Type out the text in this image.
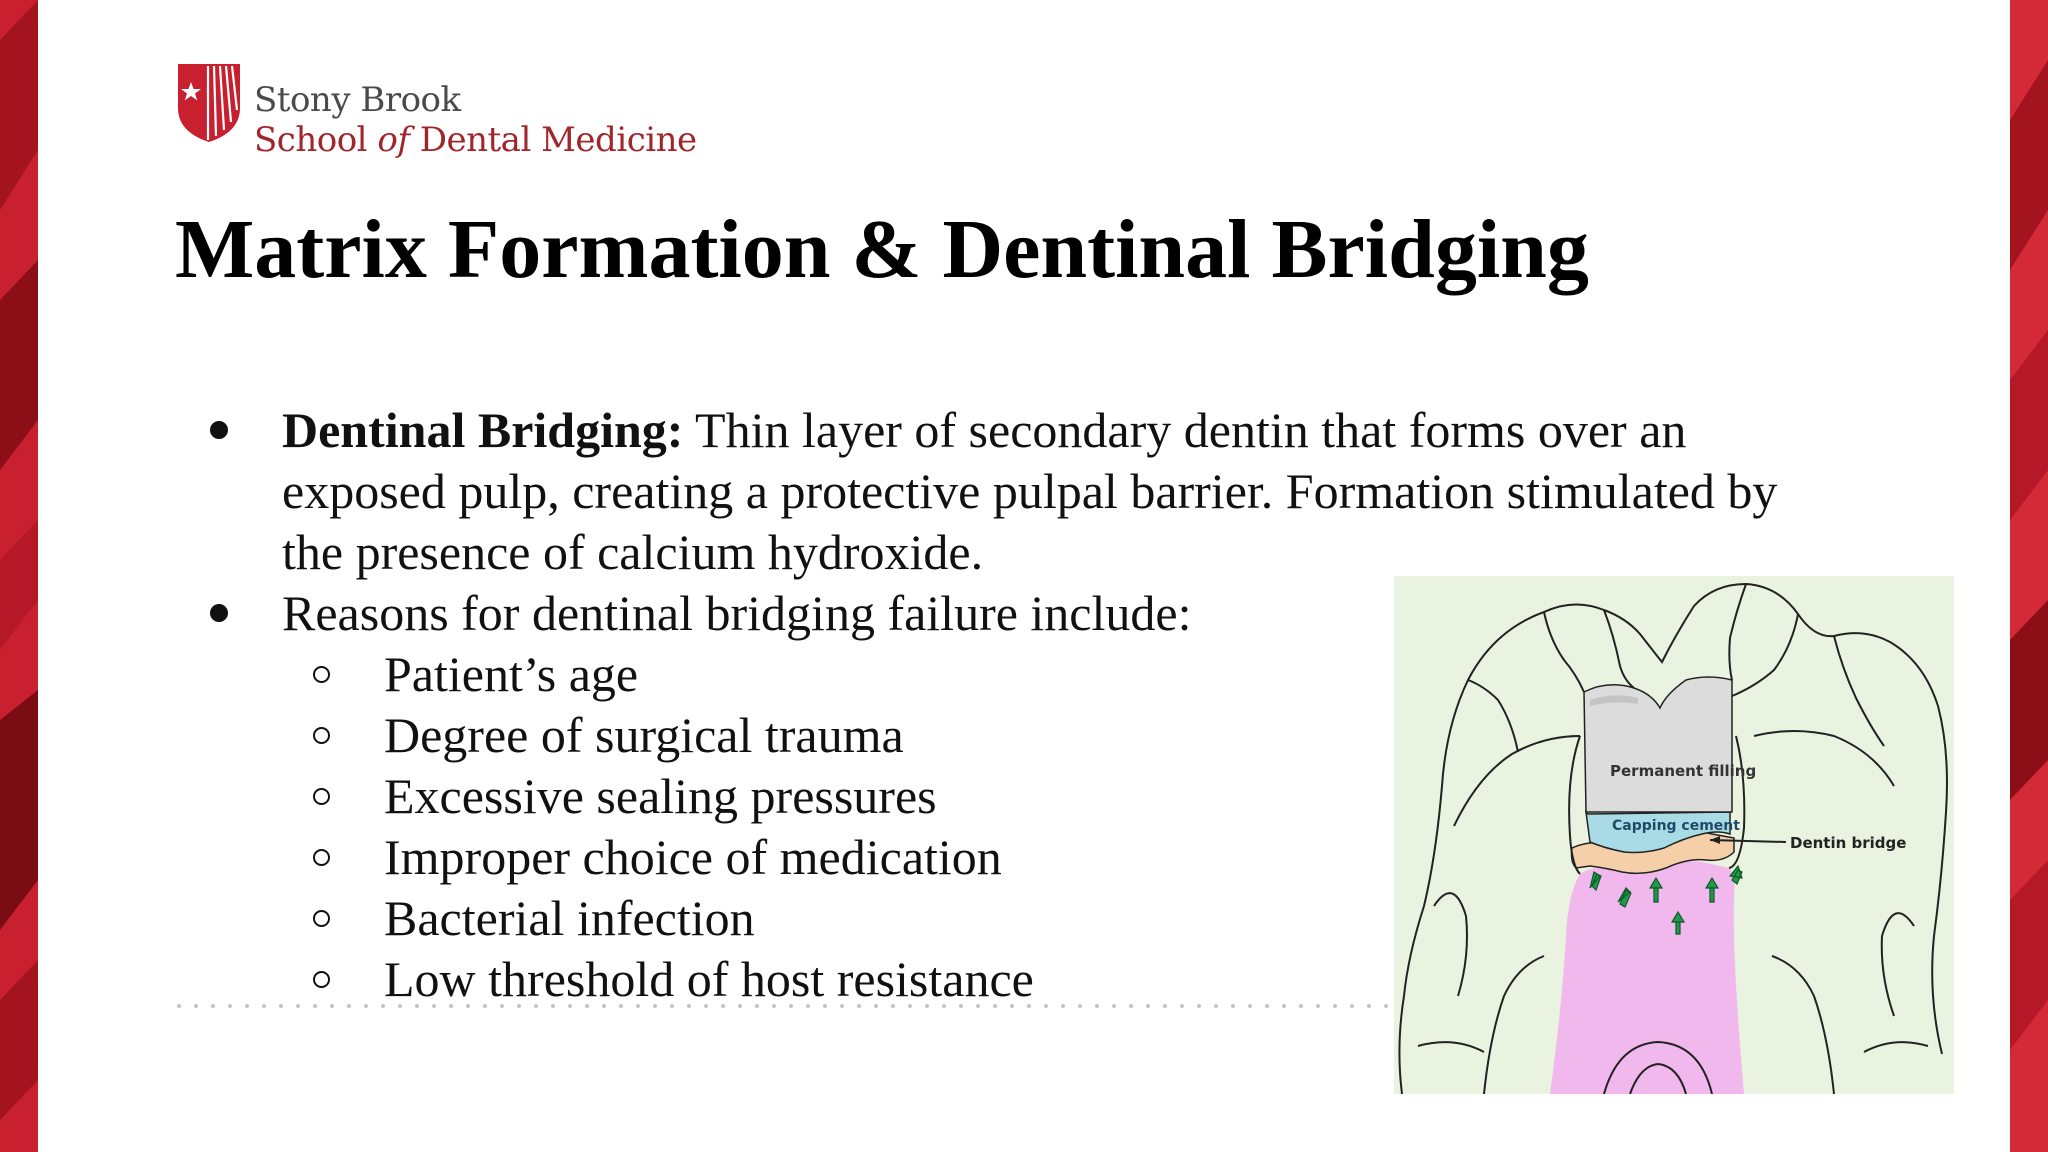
Stony Brook
School of Dental Medicine
Matrix Formation & Dentinal Bridging
Dentinal Bridging: Thin layer of secondary dentin that forms over an exposed pulp, creating a protective pulpal barrier. Formation stimulated by the presence of calcium hydroxide.
Reasons for dentinal bridging failure include:
Patient’s age
Degree of surgical trauma
Excessive sealing pressures
Improper choice of medication
Bacterial infection
Low threshold of host resistance
Permanent filling
Capping cement
Dentin bridge
